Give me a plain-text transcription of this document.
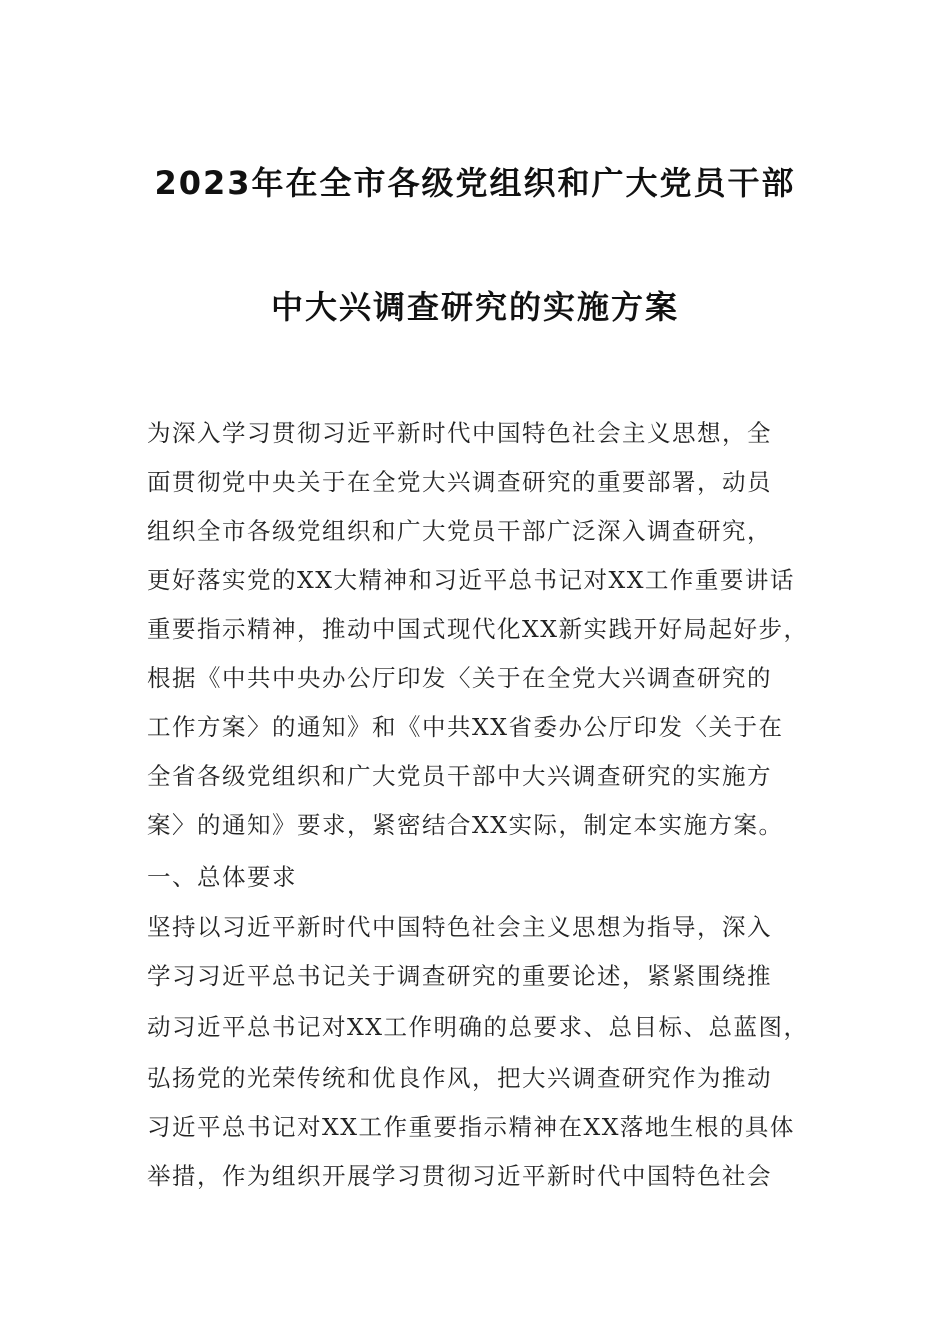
2023年在全市各级党组织和广大党员干部
中大兴调查研究的实施方案
为深入学习贯彻习近平新时代中国特色社会主义思想，全
面贯彻党中央关于在全党大兴调查研究的重要部署，动员
组织全市各级党组织和广大党员干部广泛深入调查研究，
更好落实党的XX大精神和习近平总书记对XX工作重要讲话
重要指示精神，推动中国式现代化XX新实践开好局起好步，
根据《中共中央办公厅印发〈关于在全党大兴调查研究的
工作方案〉的通知》和《中共XX省委办公厅印发〈关于在
全省各级党组织和广大党员干部中大兴调查研究的实施方
案〉的通知》要求，紧密结合XX实际，制定本实施方案。
一、总体要求
坚持以习近平新时代中国特色社会主义思想为指导，深入
学习习近平总书记关于调查研究的重要论述，紧紧围绕推
动习近平总书记对XX工作明确的总要求、总目标、总蓝图，
弘扬党的光荣传统和优良作风，把大兴调查研究作为推动
习近平总书记对XX工作重要指示精神在XX落地生根的具体
举措，作为组织开展学习贯彻习近平新时代中国特色社会
